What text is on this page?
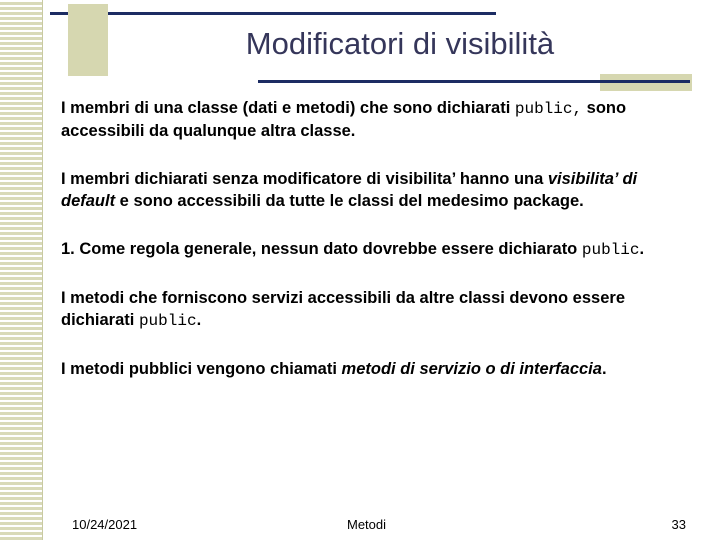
Modificatori di visibilità

I membri di una classe (dati e metodi) che sono dichiarati public, sono accessibili da qualunque altra classe.

I membri dichiarati senza modificatore di visibilita’ hanno una visibilita’ di default e sono accessibili da tutte le classi del medesimo package.

1. Come regola generale, nessun dato dovrebbe essere dichiarato public.

I metodi che forniscono servizi accessibili da altre classi devono essere dichiarati public.

I metodi pubblici vengono chiamati metodi di servizio o di interfaccia.

10/24/2021	Metodi	33
